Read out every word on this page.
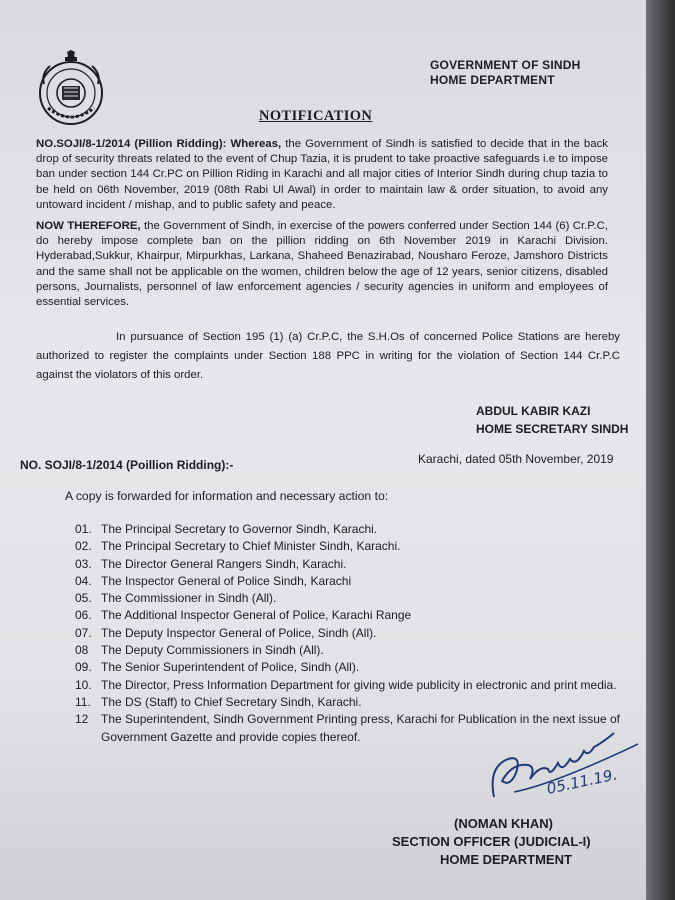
GOVERNMENT OF SINDH
HOME DEPARTMENT
NOTIFICATION
NO.SOJI/8-1/2014 (Pillion Ridding): Whereas, the Government of Sindh is satisfied to decide that in the back drop of security threats related to the event of Chup Tazia, it is prudent to take proactive safeguards i.e to impose ban under section 144 Cr.PC on Pillion Riding in Karachi and all major cities of Interior Sindh during chup tazia to be held on 06th November, 2019 (08th Rabi Ul Awal) in order to maintain law & order situation, to avoid any untoward incident / mishap, and to public safety and peace.
NOW THEREFORE, the Government of Sindh, in exercise of the powers conferred under Section 144 (6) Cr.P.C, do hereby impose complete ban on the pillion ridding on 6th November 2019 in Karachi Division. Hyderabad,Sukkur, Khairpur, Mirpurkhas, Larkana, Shaheed Benazirabad, Nousharo Feroze, Jamshoro Districts and the same shall not be applicable on the women, children below the age of 12 years, senior citizens, disabled persons, Journalists, personnel of law enforcement agencies / security agencies in uniform and employees of essential services.
In pursuance of Section 195 (1) (a) Cr.P.C, the S.H.Os of concerned Police Stations are hereby authorized to register the complaints under Section 188 PPC in writing for the violation of Section 144 Cr.P.C against the violators of this order.
ABDUL KABIR KAZI
HOME SECRETARY SINDH
NO. SOJI/8-1/2014 (Poillion Ridding):-	Karachi, dated 05th November, 2019
A copy is forwarded for information and necessary action to:
01. The Principal Secretary to Governor Sindh, Karachi.
02. The Principal Secretary to Chief Minister Sindh, Karachi.
03. The Director General Rangers Sindh, Karachi.
04. The Inspector General of Police Sindh, Karachi
05. The Commissioner in Sindh (All).
06. The Additional Inspector General of Police, Karachi Range
07. The Deputy Inspector General of Police, Sindh (All).
08	The Deputy Commissioners in Sindh (All).
09. The Senior Superintendent of Police, Sindh (All).
10. The Director, Press Information Department for giving wide publicity in electronic and print media.
11. The DS (Staff) to Chief Secretary Sindh, Karachi.
12	The Superintendent, Sindh Government Printing press, Karachi for Publication in the next issue of Government Gazette and provide copies thereof.
05.11.19.
(NOMAN KHAN)
SECTION OFFICER (JUDICIAL-I)
HOME DEPARTMENT
